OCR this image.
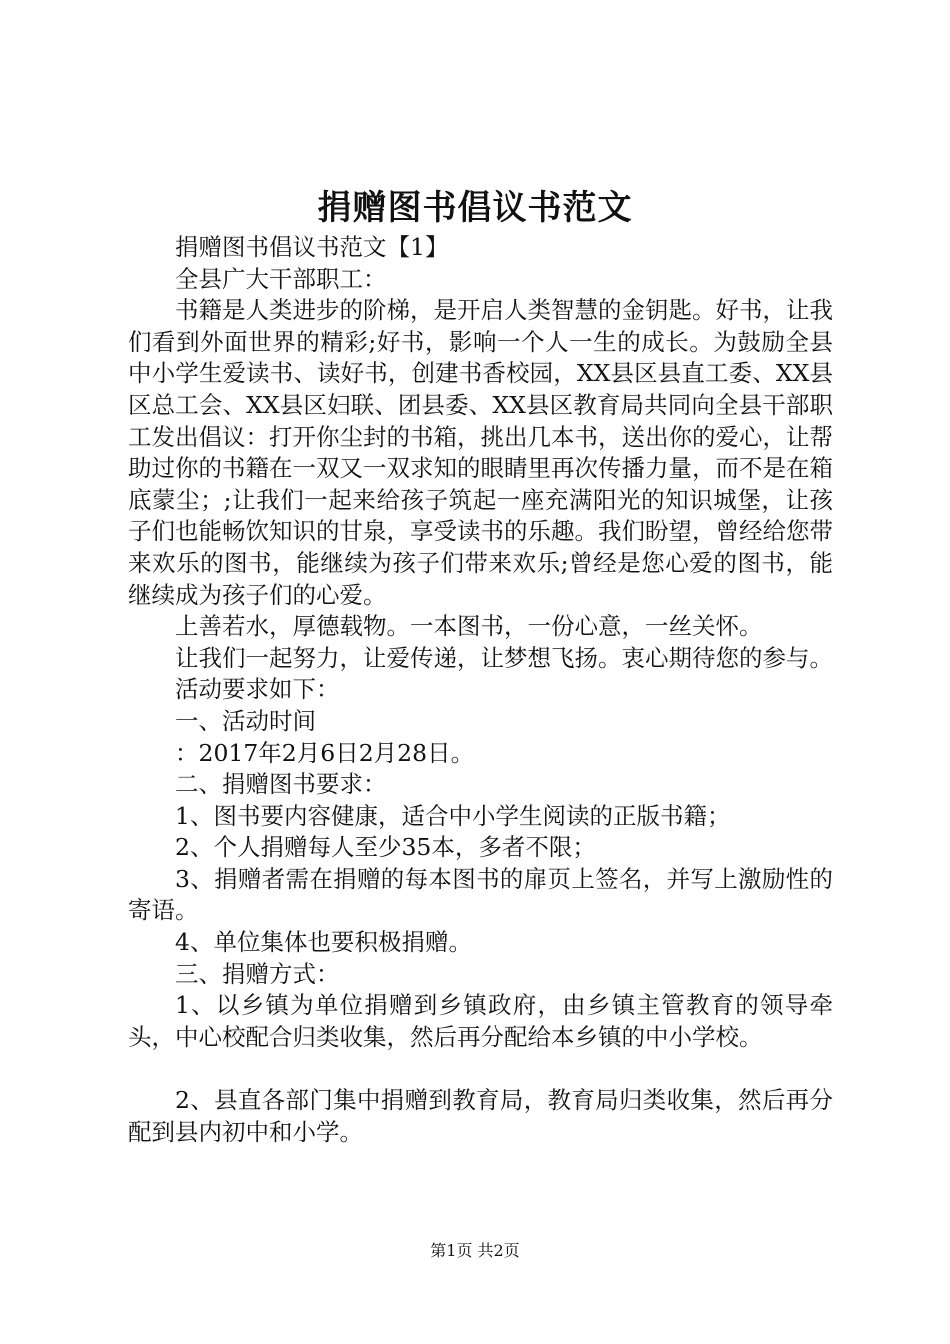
捐赠图书倡议书范文

捐赠图书倡议书范文【1】

全县广大干部职工：

书籍是人类进步的阶梯，是开启人类智慧的金钥匙。好书，让我们看到外面世界的精彩;好书，影响一个人一生的成长。为鼓励全县中小学生爱读书、读好书，创建书香校园，XX县区县直工委、XX县区总工会、XX县区妇联、团县委、XX县区教育局共同向全县干部职工发出倡议：打开你尘封的书箱，挑出几本书，送出你的爱心，让帮助过你的书籍在一双又一双求知的眼睛里再次传播力量，而不是在箱底蒙尘；;让我们一起来给孩子筑起一座充满阳光的知识城堡，让孩子们也能畅饮知识的甘泉，享受读书的乐趣。我们盼望，曾经给您带来欢乐的图书，能继续为孩子们带来欢乐;曾经是您心爱的图书，能继续成为孩子们的心爱。

上善若水，厚德载物。一本图书，一份心意，一丝关怀。

让我们一起努力，让爱传递，让梦想飞扬。衷心期待您的参与。

活动要求如下：

一、活动时间

：2017年2月6日2月28日。

二、捐赠图书要求：

1、图书要内容健康，适合中小学生阅读的正版书籍；

2、个人捐赠每人至少35本，多者不限；

3、捐赠者需在捐赠的每本图书的扉页上签名，并写上激励性的寄语。

4、单位集体也要积极捐赠。

三、捐赠方式：

1、以乡镇为单位捐赠到乡镇政府，由乡镇主管教育的领导牵头，中心校配合归类收集，然后再分配给本乡镇的中小学校。

2、县直各部门集中捐赠到教育局，教育局归类收集，然后再分配到县内初中和小学。

第1页 共2页
